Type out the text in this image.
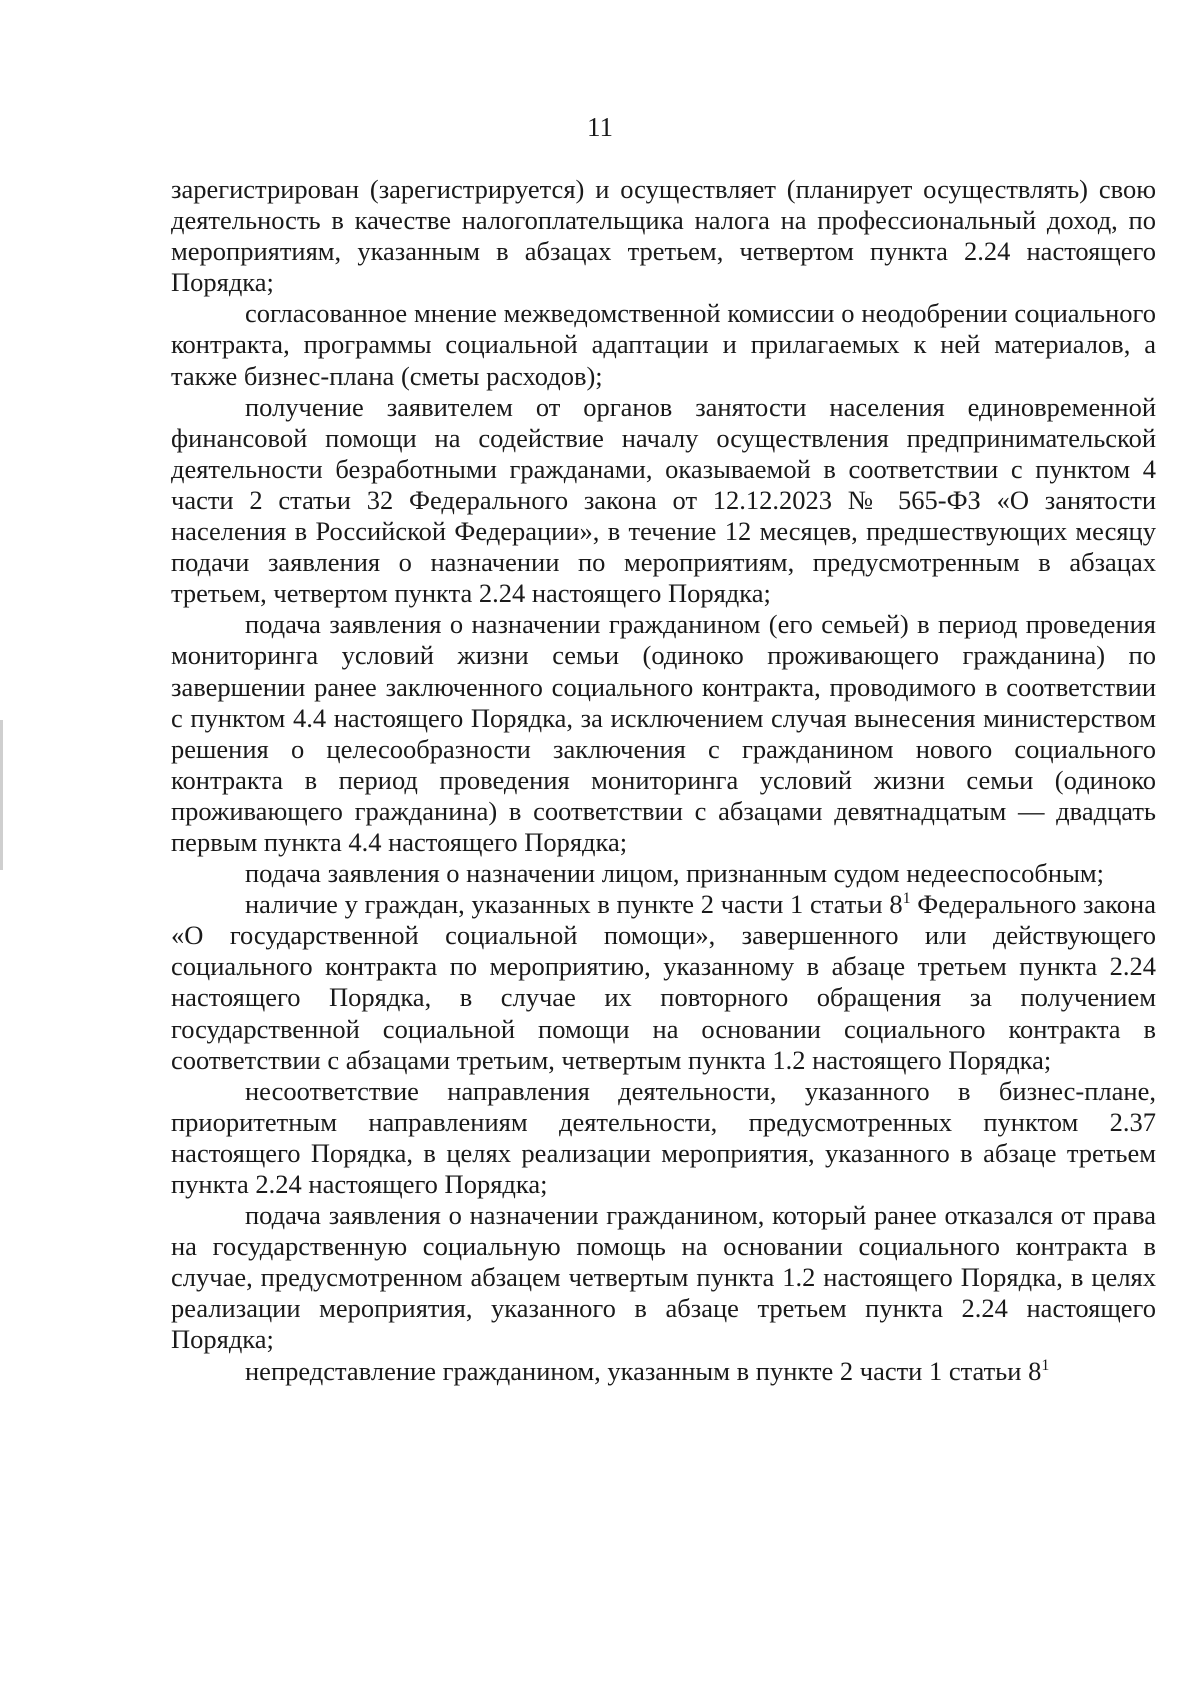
11

зарегистрирован (зарегистрируется) и осуществляет (планирует осуществлять) свою деятельность в качестве налогоплательщика налога на профессиональный доход, по мероприятиям, указанным в абзацах третьем, четвертом пункта 2.24 настоящего Порядка;

согласованное мнение межведомственной комиссии о неодобрении социального контракта, программы социальной адаптации и прилагаемых к ней материалов, а также бизнес-плана (сметы расходов);

получение заявителем от органов занятости населения единовременной финансовой помощи на содействие началу осуществления предпринимательской деятельности безработными гражданами, оказываемой в соответствии с пунктом 4 части 2 статьи 32 Федерального закона от 12.12.2023 № 565-ФЗ «О занятости населения в Российской Федерации», в течение 12 месяцев, предшествующих месяцу подачи заявления о назначении по мероприятиям, предусмотренным в абзацах третьем, четвертом пункта 2.24 настоящего Порядка;

подача заявления о назначении гражданином (его семьей) в период проведения мониторинга условий жизни семьи (одиноко проживающего гражданина) по завершении ранее заключенного социального контракта, проводимого в соответствии с пунктом 4.4 настоящего Порядка, за исключением случая вынесения министерством решения о целесообразности заключения с гражданином нового социального контракта в период проведения мониторинга условий жизни семьи (одиноко проживающего гражданина) в соответствии с абзацами девятнадцатым — двадцать первым пункта 4.4 настоящего Порядка;

подача заявления о назначении лицом, признанным судом недееспособным;

наличие у граждан, указанных в пункте 2 части 1 статьи $8^1$ Федерального закона «О государственной социальной помощи», завершенного или действующего социального контракта по мероприятию, указанному в абзаце третьем пункта 2.24 настоящего Порядка, в случае их повторного обращения за получением государственной социальной помощи на основании социального контракта в соответствии с абзацами третьим, четвертым пункта 1.2 настоящего Порядка;

несоответствие направления деятельности, указанного в бизнес-плане, приоритетным направлениям деятельности, предусмотренных пунктом 2.37 настоящего Порядка, в целях реализации мероприятия, указанного в абзаце третьем пункта 2.24 настоящего Порядка;

подача заявления о назначении гражданином, который ранее отказался от права на государственную социальную помощь на основании социального контракта в случае, предусмотренном абзацем четвертым пункта 1.2 настоящего Порядка, в целях реализации мероприятия, указанного в абзаце третьем пункта 2.24 настоящего Порядка;

непредставление гражданином, указанным в пункте 2 части 1 статьи $8^1$
